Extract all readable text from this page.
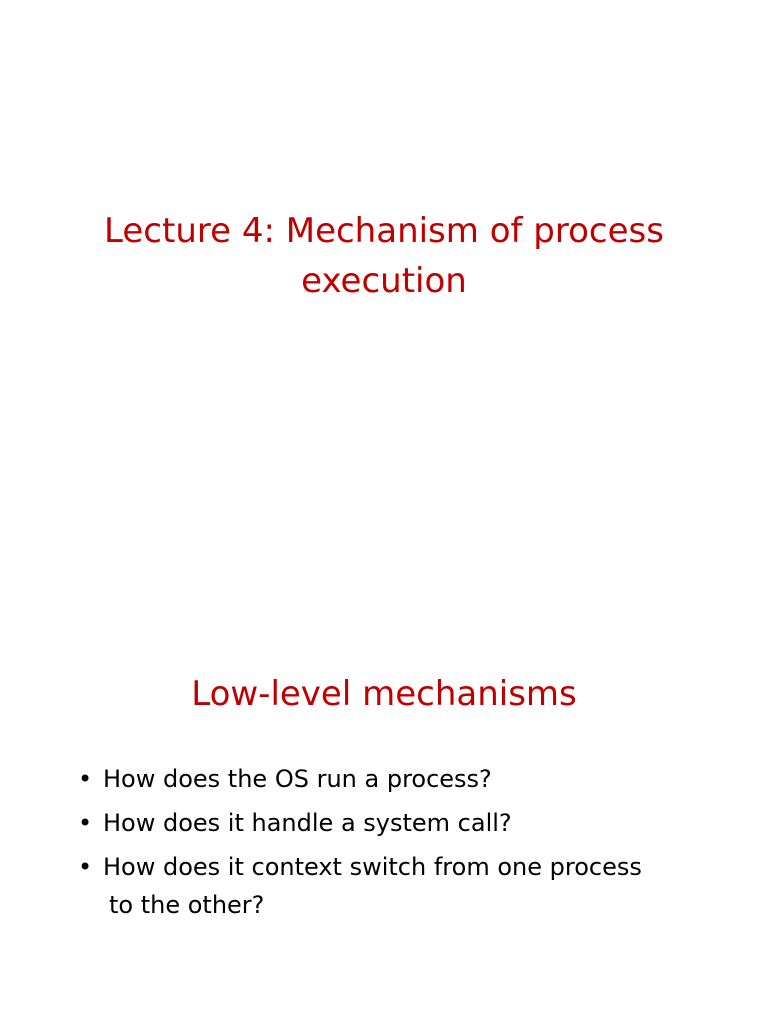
Lecture 4: Mechanism of process
execution
Low-level mechanisms
• How does the OS run a process?
• How does it handle a system call?
• How does it context switch from one process
to the other?
